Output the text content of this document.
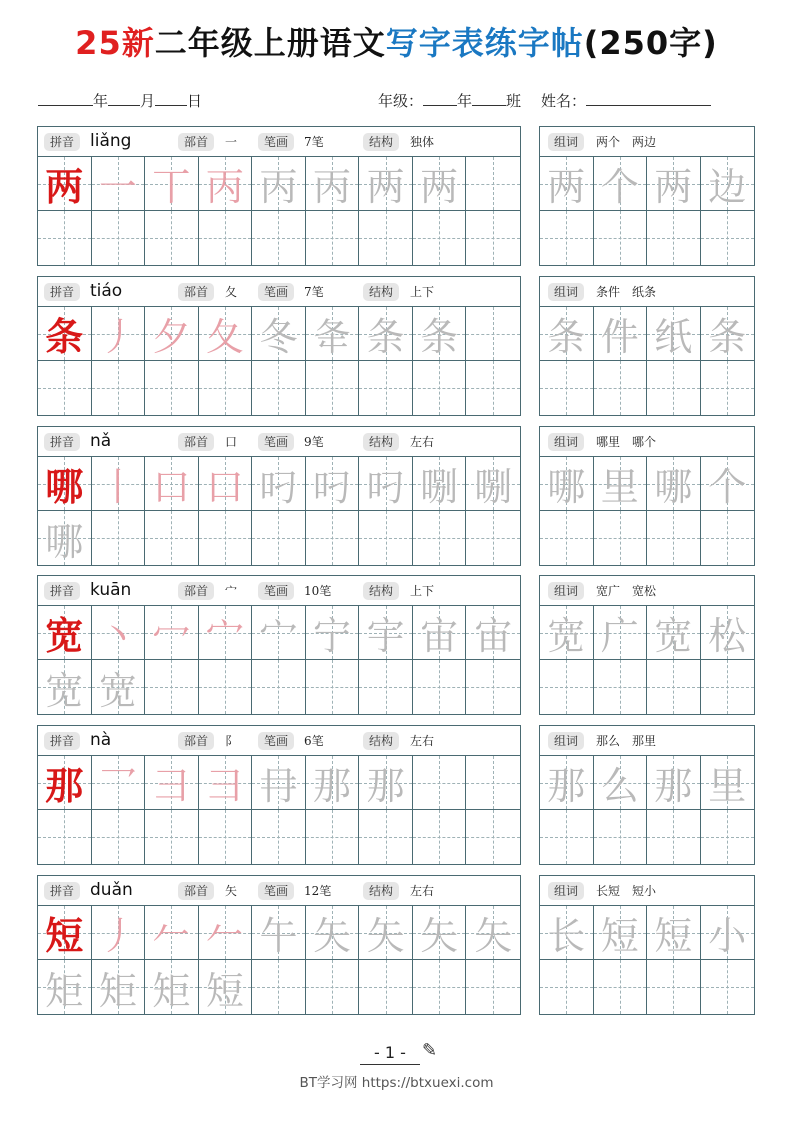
25新二年级上册语文写字表练字帖(250字)
年 月 日	年级： 年 班 姓名：
拼音 liǎng	部首	一	笔画	7笔	结构	独体
两 一 丅 丙 丙 丙 两 两
组词	两个　两边
两 个 两 边
拼音 tiáo	部首	夂	笔画	7笔	结构	上下
条 丿 夕 夂 冬 夅 条 条
组词	条件　纸条
条 件 纸 条
拼音 nǎ	部首	口	笔画	9笔	结构	左右
哪 丨 口 口 叼 叼 叼 哵 哵
哪
组词	哪里　哪个
哪 里 哪 个
拼音 kuān	部首	宀	笔画	10笔	结构	上下
宽 丶 冖 宀 宀 宁 宇 宙 宙
宽 宽
组词	宽广　宽松
宽 广 宽 松
拼音 nà	部首	阝	笔画	6笔	结构	左右
那 乛 彐 彐 冄 那 那
组词	那么　那里
那 么 那 里
拼音 duǎn	部首	矢	笔画	12笔	结构	左右
短 丿 𠂉 𠂉 午 矢 矢 矢 矢
矩 矩 矩 短
组词	长短　短小
长 短 短 小
- 1 - ✎
BT学习网 https://btxuexi.com
